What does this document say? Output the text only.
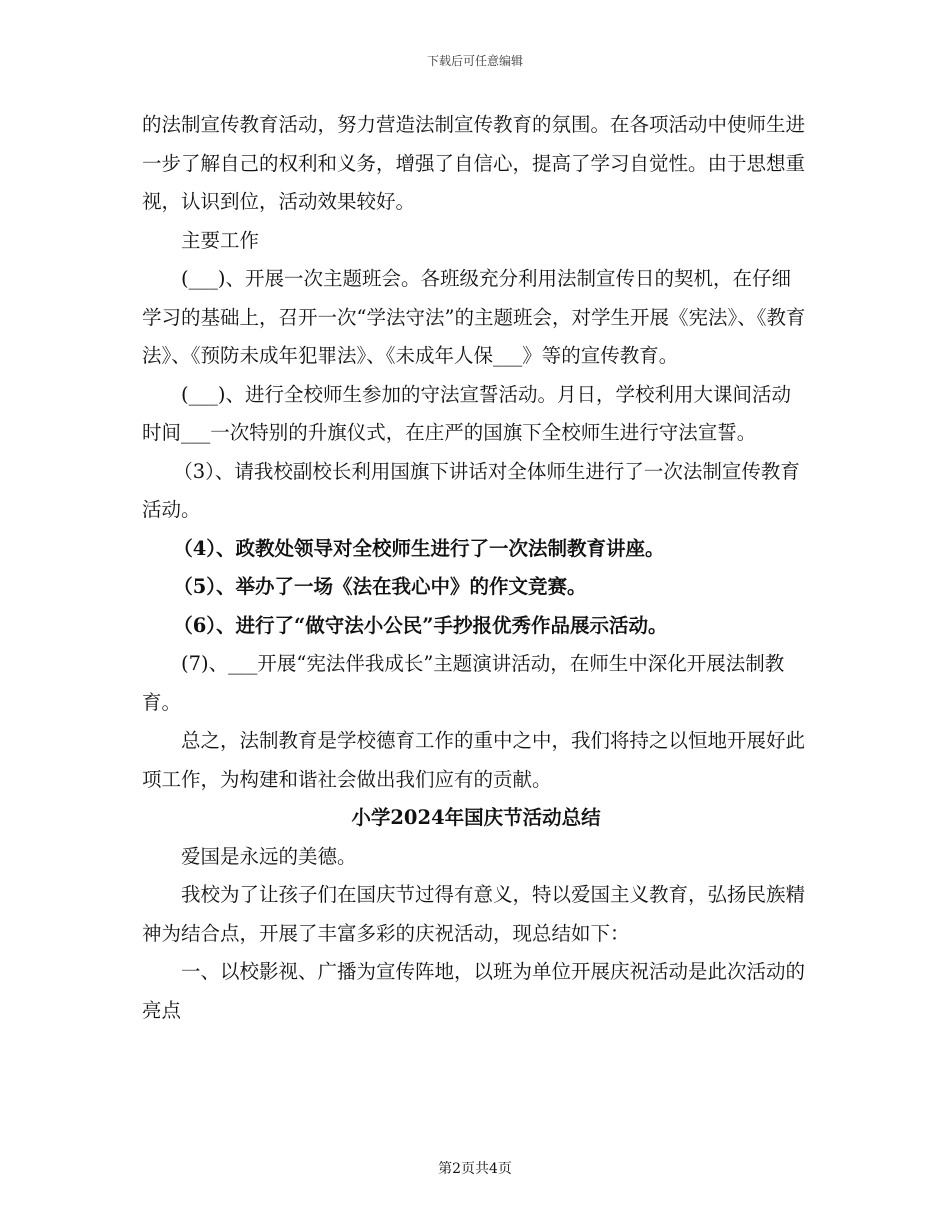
下载后可任意编辑

的法制宣传教育活动，努力营造法制宣传教育的氛围。在各项活动中使师生进一步了解自己的权利和义务，增强了自信心，提高了学习自觉性。由于思想重视，认识到位，活动效果较好。

主要工作

(___)、开展一次主题班会。各班级充分利用法制宣传日的契机，在仔细学习的基础上，召开一次“学法守法”的主题班会，对学生开展《宪法》、《教育法》、《预防未成年犯罪法》、《未成年人保___》等的宣传教育。

(___)、进行全校师生参加的守法宣誓活动。月日，学校利用大课间活动时间___一次特别的升旗仪式，在庄严的国旗下全校师生进行守法宣誓。

（3）、请我校副校长利用国旗下讲话对全体师生进行了一次法制宣传教育活动。

（4）、政教处领导对全校师生进行了一次法制教育讲座。

（5）、举办了一场《法在我心中》的作文竞赛。

（6）、进行了“做守法小公民”手抄报优秀作品展示活动。

(7)、___开展“宪法伴我成长”主题演讲活动，在师生中深化开展法制教育。

总之，法制教育是学校德育工作的重中之中，我们将持之以恒地开展好此项工作，为构建和谐社会做出我们应有的贡献。

小学2024年国庆节活动总结

爱国是永远的美德。

我校为了让孩子们在国庆节过得有意义，特以爱国主义教育，弘扬民族精神为结合点，开展了丰富多彩的庆祝活动，现总结如下：

一、以校影视、广播为宣传阵地，以班为单位开展庆祝活动是此次活动的亮点

第2页共4页
